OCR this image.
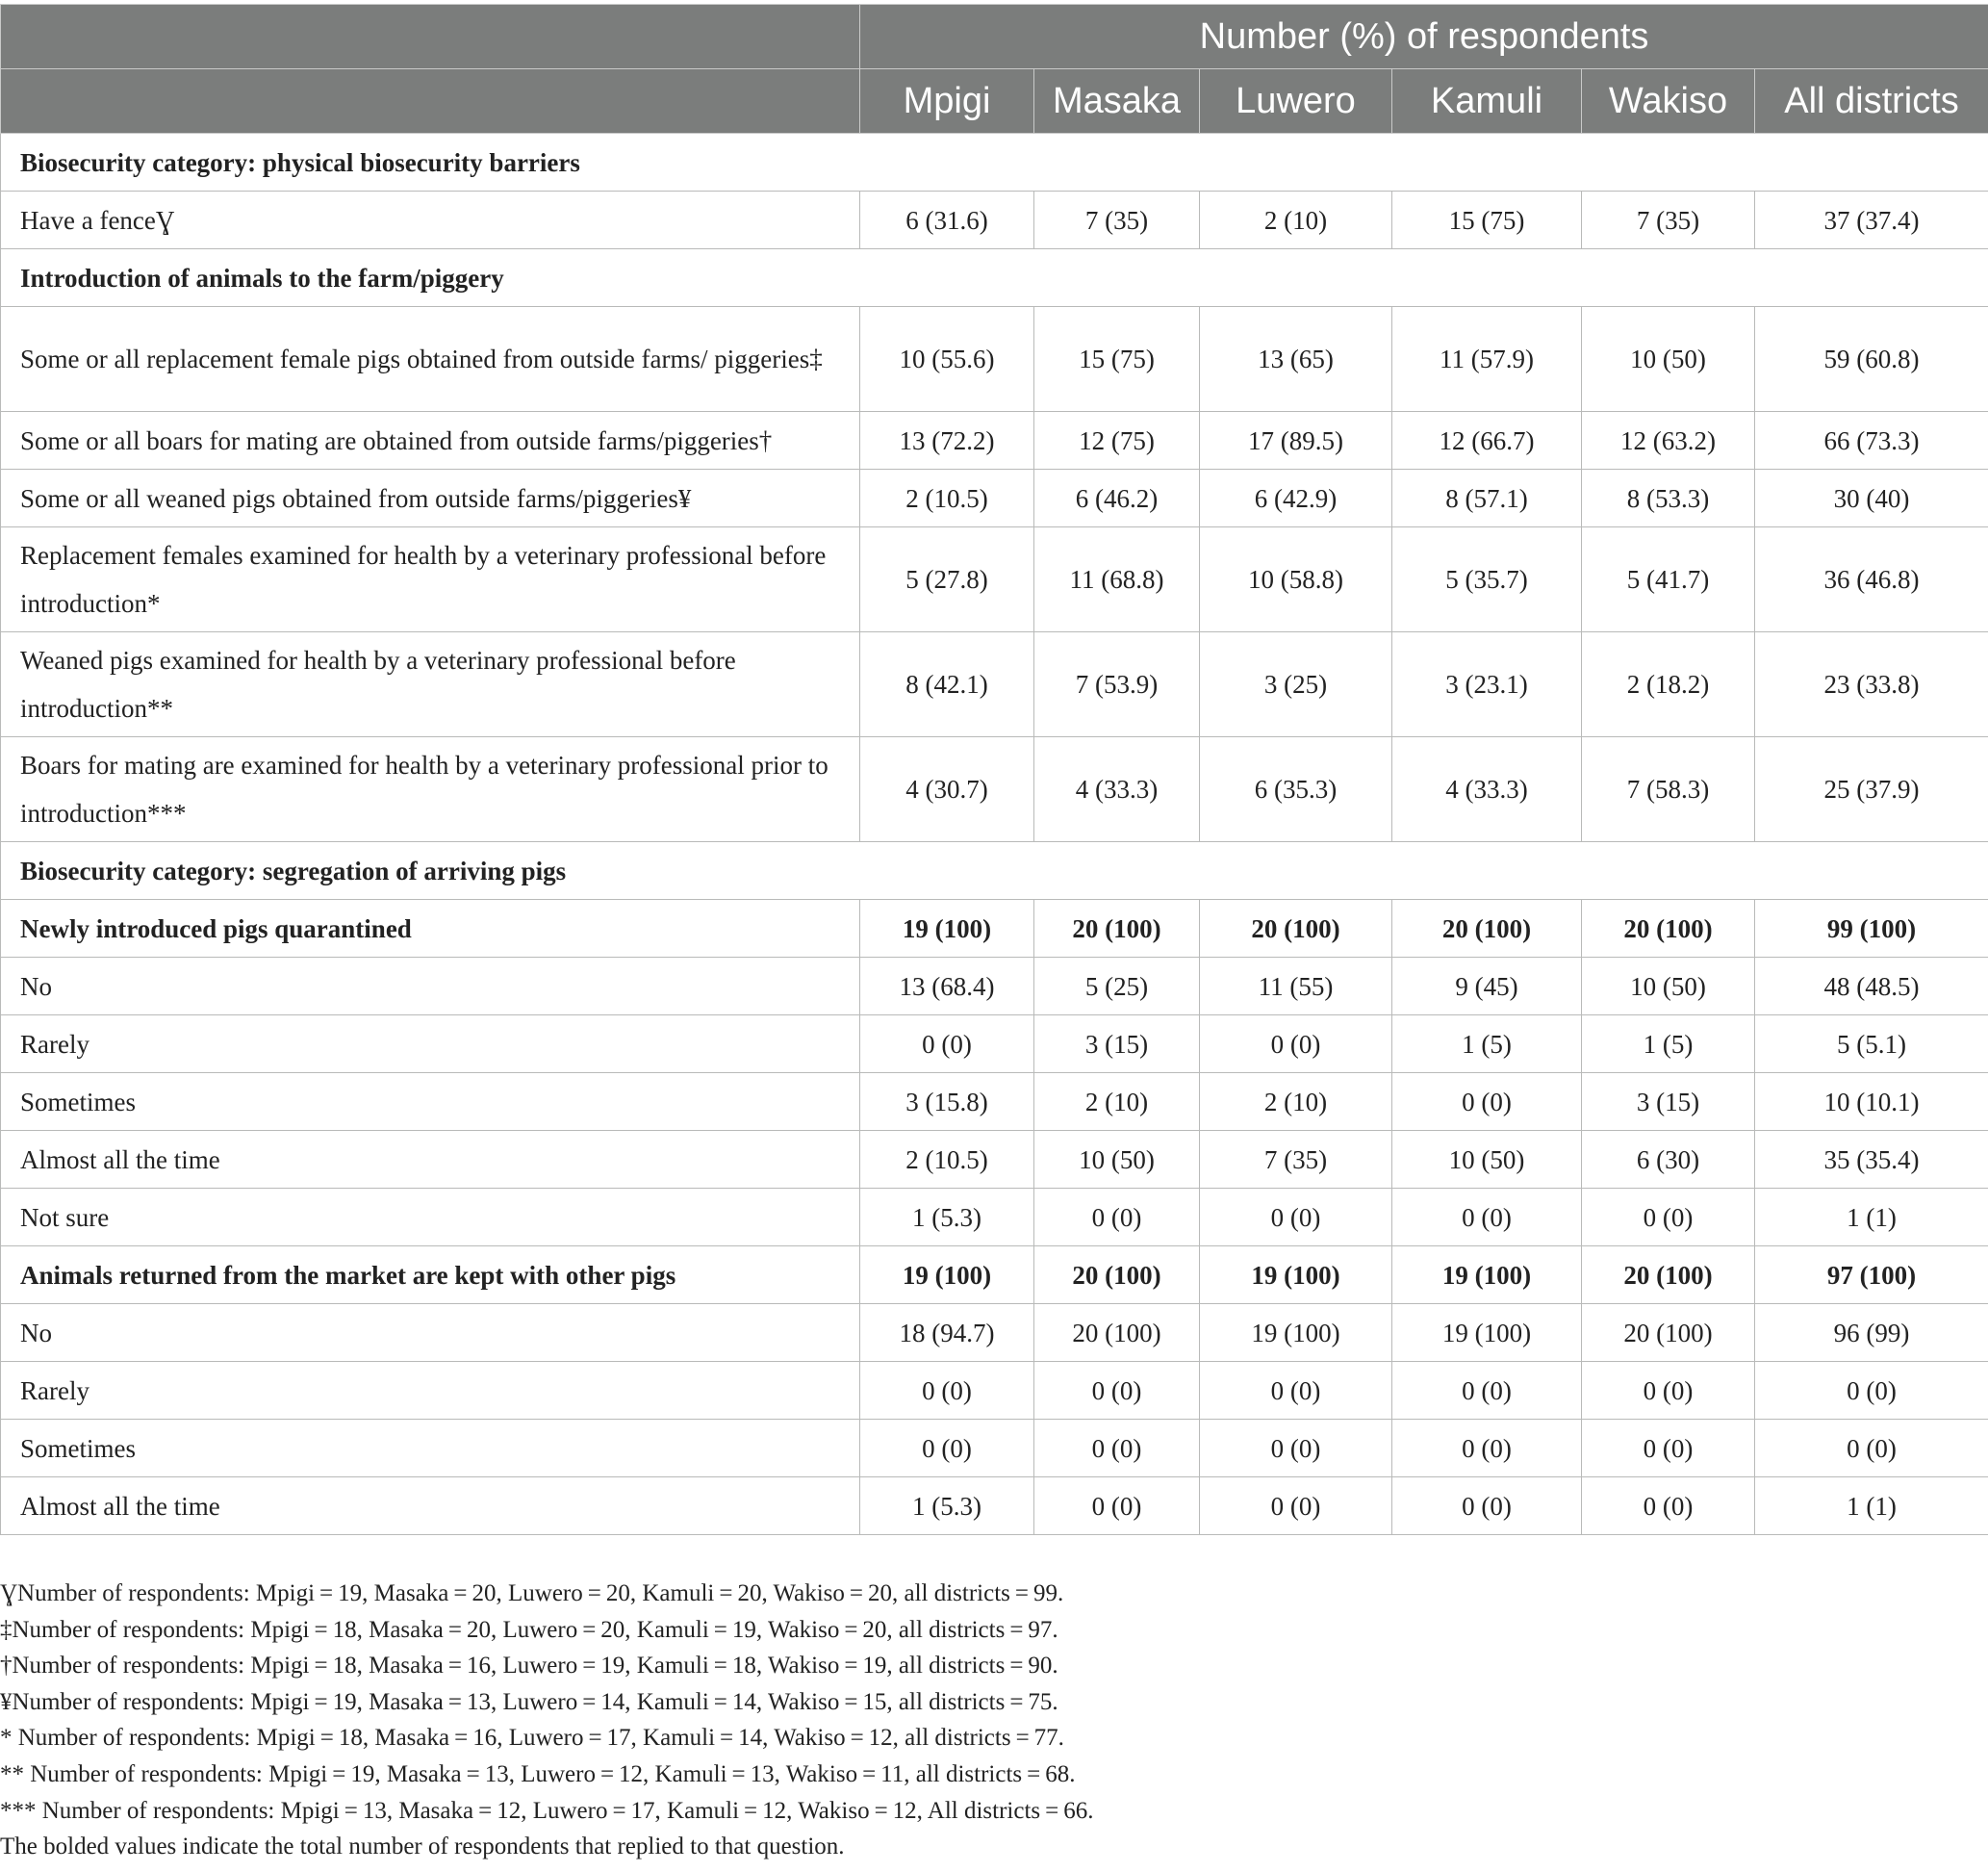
	Number (%) of respondents					
	Mpigi	Masaka	Luwero	Kamuli	Wakiso	All districts
Biosecurity category: physical biosecurity barriers						
Have a fenceƔ	6 (31.6)	7 (35)	2 (10)	15 (75)	7 (35)	37 (37.4)
Introduction of animals to the farm/piggery						
Some or all replacement female pigs obtained from outside farms/ piggeries‡	10 (55.6)	15 (75)	13 (65)	11 (57.9)	10 (50)	59 (60.8)
Some or all boars for mating are obtained from outside farms/piggeries†	13 (72.2)	12 (75)	17 (89.5)	12 (66.7)	12 (63.2)	66 (73.3)
Some or all weaned pigs obtained from outside farms/piggeries¥	2 (10.5)	6 (46.2)	6 (42.9)	8 (57.1)	8 (53.3)	30 (40)
Replacement females examined for health by a veterinary professional before introduction*	5 (27.8)	11 (68.8)	10 (58.8)	5 (35.7)	5 (41.7)	36 (46.8)
Weaned pigs examined for health by a veterinary professional before introduction**	8 (42.1)	7 (53.9)	3 (25)	3 (23.1)	2 (18.2)	23 (33.8)
Boars for mating are examined for health by a veterinary professional prior to introduction***	4 (30.7)	4 (33.3)	6 (35.3)	4 (33.3)	7 (58.3)	25 (37.9)
Biosecurity category: segregation of arriving pigs						
Newly introduced pigs quarantined	19 (100)	20 (100)	20 (100)	20 (100)	20 (100)	99 (100)
No	13 (68.4)	5 (25)	11 (55)	9 (45)	10 (50)	48 (48.5)
Rarely	0 (0)	3 (15)	0 (0)	1 (5)	1 (5)	5 (5.1)
Sometimes	3 (15.8)	2 (10)	2 (10)	0 (0)	3 (15)	10 (10.1)
Almost all the time	2 (10.5)	10 (50)	7 (35)	10 (50)	6 (30)	35 (35.4)
Not sure	1 (5.3)	0 (0)	0 (0)	0 (0)	0 (0)	1 (1)
Animals returned from the market are kept with other pigs	19 (100)	20 (100)	19 (100)	19 (100)	20 (100)	97 (100)
No	18 (94.7)	20 (100)	19 (100)	19 (100)	20 (100)	96 (99)
Rarely	0 (0)	0 (0)	0 (0)	0 (0)	0 (0)	0 (0)
Sometimes	0 (0)	0 (0)	0 (0)	0 (0)	0 (0)	0 (0)
Almost all the time	1 (5.3)	0 (0)	0 (0)	0 (0)	0 (0)	1 (1)
ƔNumber of respondents: Mpigi = 19, Masaka = 20, Luwero = 20, Kamuli = 20, Wakiso = 20, all districts = 99.
‡Number of respondents: Mpigi = 18, Masaka = 20, Luwero = 20, Kamuli = 19, Wakiso = 20, all districts = 97.
†Number of respondents: Mpigi = 18, Masaka = 16, Luwero = 19, Kamuli = 18, Wakiso = 19, all districts = 90.
¥Number of respondents: Mpigi = 19, Masaka = 13, Luwero = 14, Kamuli = 14, Wakiso = 15, all districts = 75.
* Number of respondents: Mpigi = 18, Masaka = 16, Luwero = 17, Kamuli = 14, Wakiso = 12, all districts = 77.
** Number of respondents: Mpigi = 19, Masaka = 13, Luwero = 12, Kamuli = 13, Wakiso = 11, all districts = 68.
*** Number of respondents: Mpigi = 13, Masaka = 12, Luwero = 17, Kamuli = 12, Wakiso = 12, All districts = 66.
The bolded values indicate the total number of respondents that replied to that question.
